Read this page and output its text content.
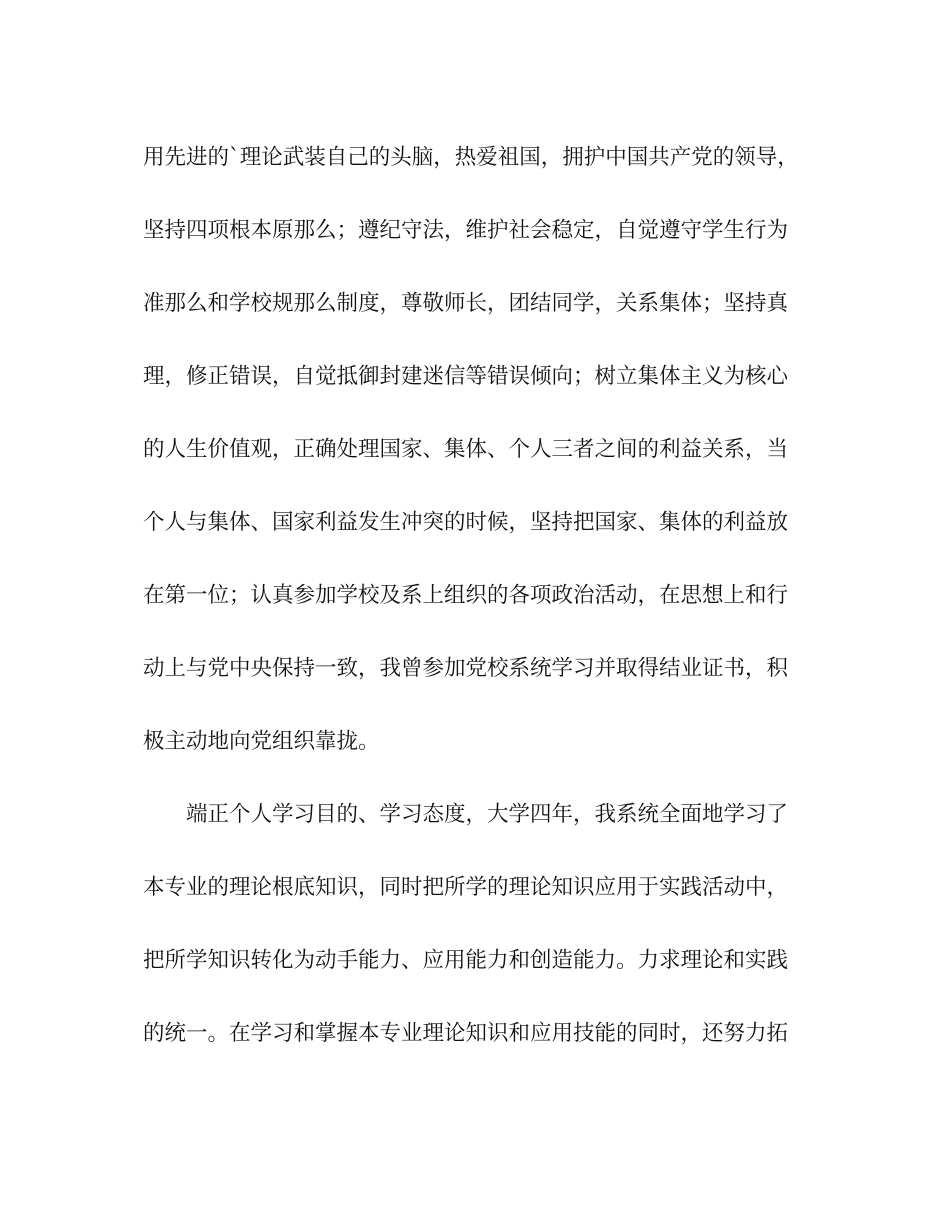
用先进的`理论武装自己的头脑，热爱祖国，拥护中国共产党的领导，
坚持四项根本原那么；遵纪守法，维护社会稳定，自觉遵守学生行为
准那么和学校规那么制度，尊敬师长，团结同学，关系集体；坚持真
理，修正错误，自觉抵御封建迷信等错误倾向；树立集体主义为核心
的人生价值观，正确处理国家、集体、个人三者之间的利益关系，当
个人与集体、国家利益发生冲突的时候，坚持把国家、集体的利益放
在第一位；认真参加学校及系上组织的各项政治活动，在思想上和行
动上与党中央保持一致，我曾参加党校系统学习并取得结业证书，积
极主动地向党组织靠拢。
　　端正个人学习目的、学习态度，大学四年，我系统全面地学习了
本专业的理论根底知识，同时把所学的理论知识应用于实践活动中，
把所学知识转化为动手能力、应用能力和创造能力。力求理论和实践
的统一。在学习和掌握本专业理论知识和应用技能的同时，还努力拓
